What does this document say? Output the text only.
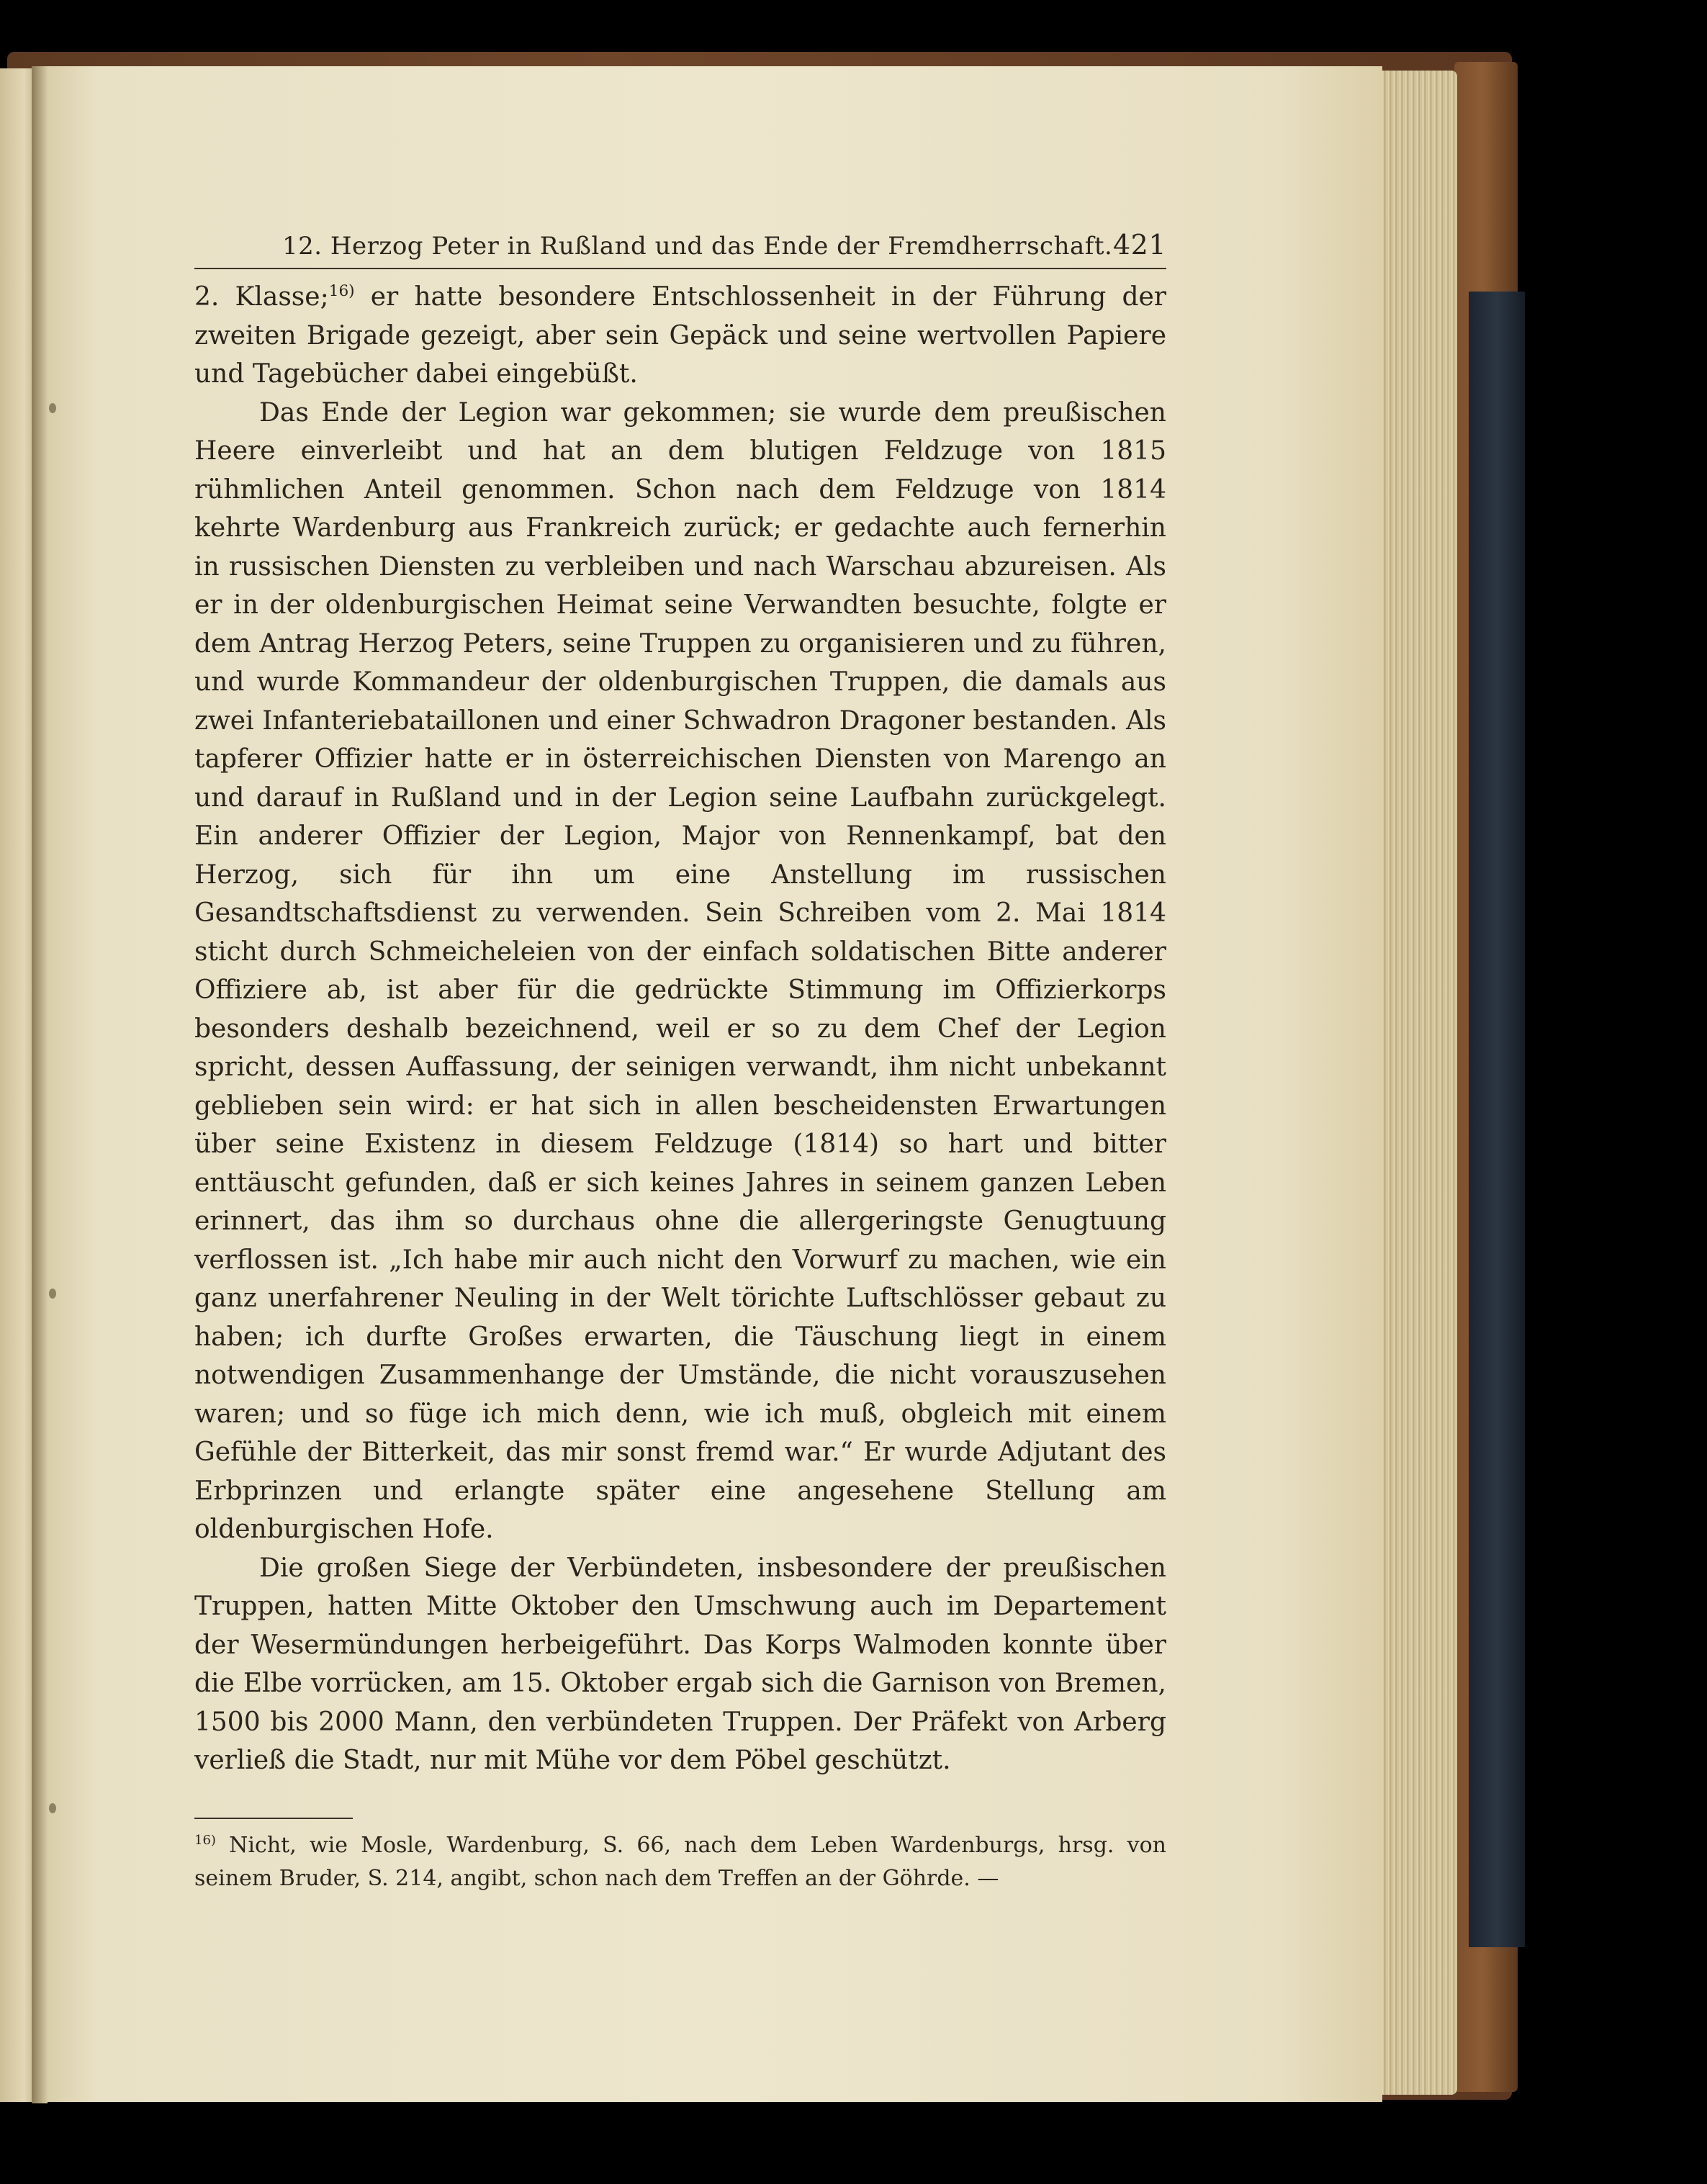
12. Herzog Peter in Rußland und das Ende der Fremdherrschaft. 421

2. Klasse;$^{16)}$ er hatte besondere Entschlossenheit in der Führung der zweiten Brigade gezeigt, aber sein Gepäck und seine wertvollen Papiere und Tagebücher dabei eingebüßt.

Das Ende der Legion war gekommen; sie wurde dem preußischen Heere einverleibt und hat an dem blutigen Feldzuge von 1815 rühmlichen Anteil genommen. Schon nach dem Feldzuge von 1814 kehrte Wardenburg aus Frankreich zurück; er gedachte auch fernerhin in russischen Diensten zu verbleiben und nach Warschau abzureisen. Als er in der oldenburgischen Heimat seine Verwandten besuchte, folgte er dem Antrag Herzog Peters, seine Truppen zu organisieren und zu führen, und wurde Kommandeur der oldenburgischen Truppen, die damals aus zwei Infanteriebataillonen und einer Schwadron Dragoner bestanden. Als tapferer Offizier hatte er in österreichischen Diensten von Marengo an und darauf in Rußland und in der Legion seine Laufbahn zurückgelegt. Ein anderer Offizier der Legion, Major von Rennenkampf, bat den Herzog, sich für ihn um eine Anstellung im russischen Gesandtschaftsdienst zu verwenden. Sein Schreiben vom 2. Mai 1814 sticht durch Schmeicheleien von der einfach soldatischen Bitte anderer Offiziere ab, ist aber für die gedrückte Stimmung im Offizierkorps besonders deshalb bezeichnend, weil er so zu dem Chef der Legion spricht, dessen Auffassung, der seinigen verwandt, ihm nicht unbekannt geblieben sein wird: er hat sich in allen bescheidensten Erwartungen über seine Existenz in diesem Feldzuge (1814) so hart und bitter enttäuscht gefunden, daß er sich keines Jahres in seinem ganzen Leben erinnert, das ihm so durchaus ohne die allergeringste Genugtuung verflossen ist. „Ich habe mir auch nicht den Vorwurf zu machen, wie ein ganz unerfahrener Neuling in der Welt törichte Luftschlösser gebaut zu haben; ich durfte Großes erwarten, die Täuschung liegt in einem notwendigen Zusammenhange der Umstände, die nicht vorauszusehen waren; und so füge ich mich denn, wie ich muß, obgleich mit einem Gefühle der Bitterkeit, das mir sonst fremd war.“ Er wurde Adjutant des Erbprinzen und erlangte später eine angesehene Stellung am oldenburgischen Hofe.

Die großen Siege der Verbündeten, insbesondere der preußischen Truppen, hatten Mitte Oktober den Umschwung auch im Departement der Wesermündungen herbeigeführt. Das Korps Walmoden konnte über die Elbe vorrücken, am 15. Oktober ergab sich die Garnison von Bremen, 1500 bis 2000 Mann, den verbündeten Truppen. Der Präfekt von Arberg verließ die Stadt, nur mit Mühe vor dem Pöbel geschützt.

$^{16)}$ Nicht, wie Mosle, Wardenburg, S. 66, nach dem Leben Wardenburgs, hrsg. von seinem Bruder, S. 214, angibt, schon nach dem Treffen an der Göhrde. —
